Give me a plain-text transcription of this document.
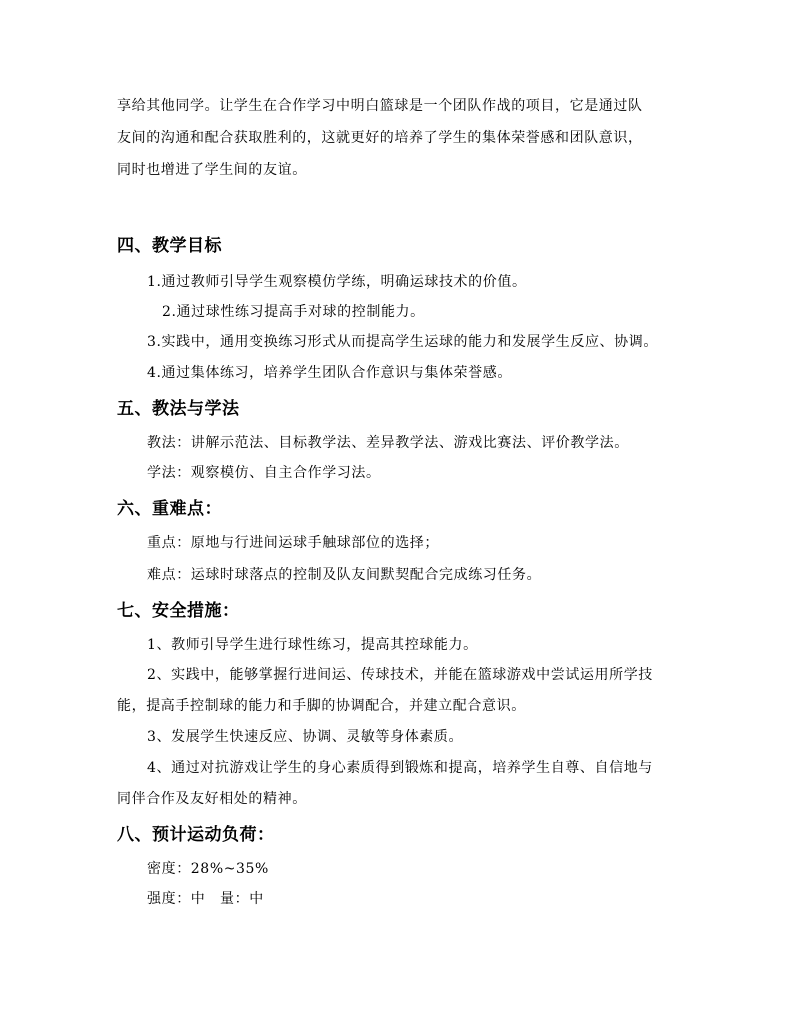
享给其他同学。让学生在合作学习中明白篮球是一个团队作战的项目，它是通过队
友间的沟通和配合获取胜利的，这就更好的培养了学生的集体荣誉感和团队意识，
同时也增进了学生间的友谊。
四、教学目标
1.通过教师引导学生观察模仿学练，明确运球技术的价值。
2.通过球性练习提高手对球的控制能力。
3.实践中，通用变换练习形式从而提高学生运球的能力和发展学生反应、协调。
4.通过集体练习，培养学生团队合作意识与集体荣誉感。
五、教法与学法
教法：讲解示范法、目标教学法、差异教学法、游戏比赛法、评价教学法。
学法：观察模仿、自主合作学习法。
六、重难点：
重点：原地与行进间运球手触球部位的选择；
难点：运球时球落点的控制及队友间默契配合完成练习任务。
七、安全措施：
1、教师引导学生进行球性练习，提高其控球能力。
2、实践中，能够掌握行进间运、传球技术，并能在篮球游戏中尝试运用所学技
能，提高手控制球的能力和手脚的协调配合，并建立配合意识。
3、发展学生快速反应、协调、灵敏等身体素质。
4、通过对抗游戏让学生的身心素质得到锻炼和提高，培养学生自尊、自信地与
同伴合作及友好相处的精神。
八、预计运动负荷：
密度：28%~35%
强度：中　量：中
